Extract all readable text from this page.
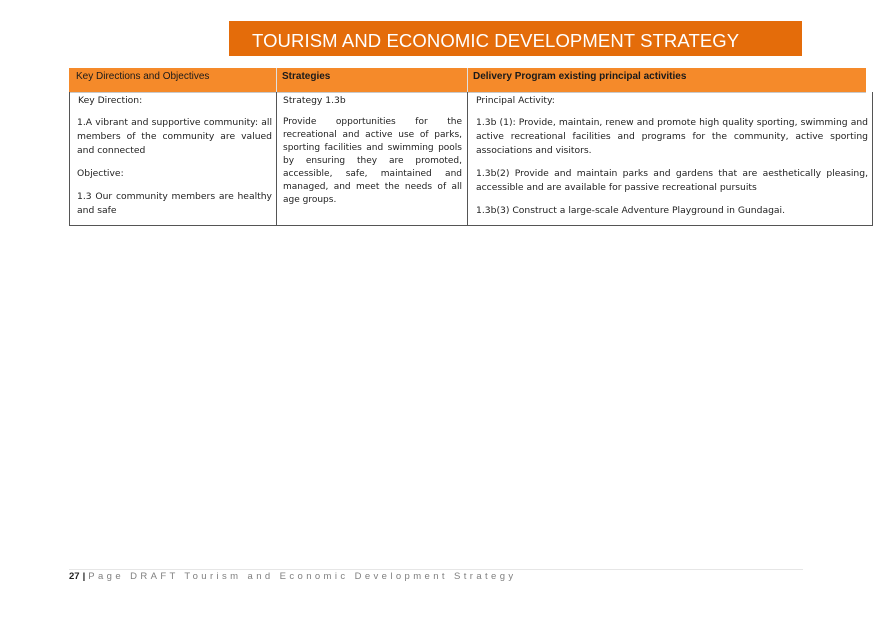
TOURISM AND ECONOMIC DEVELOPMENT STRATEGY
Key Directions and Objectives	Strategies	Delivery Program existing principal activities
Key Direction:
1.A vibrant and supportive community: all members of the community are valued and connected
Objective:
1.3 Our community members are healthy and safe
Strategy 1.3b
Provide opportunities for the recreational and active use of parks, sporting facilities and swimming pools by ensuring they are promoted, accessible, safe, maintained and managed, and meet the needs of all age groups.
Principal Activity:
1.3b (1): Provide, maintain, renew and promote high quality sporting, swimming and active recreational facilities and programs for the community, active sporting associations and visitors.
1.3b(2) Provide and maintain parks and gardens that are aesthetically pleasing, accessible and are available for passive recreational pursuits
1.3b(3) Construct a large-scale Adventure Playground in Gundagai.
27 | Page DRAFT Tourism and Economic Development Strategy
